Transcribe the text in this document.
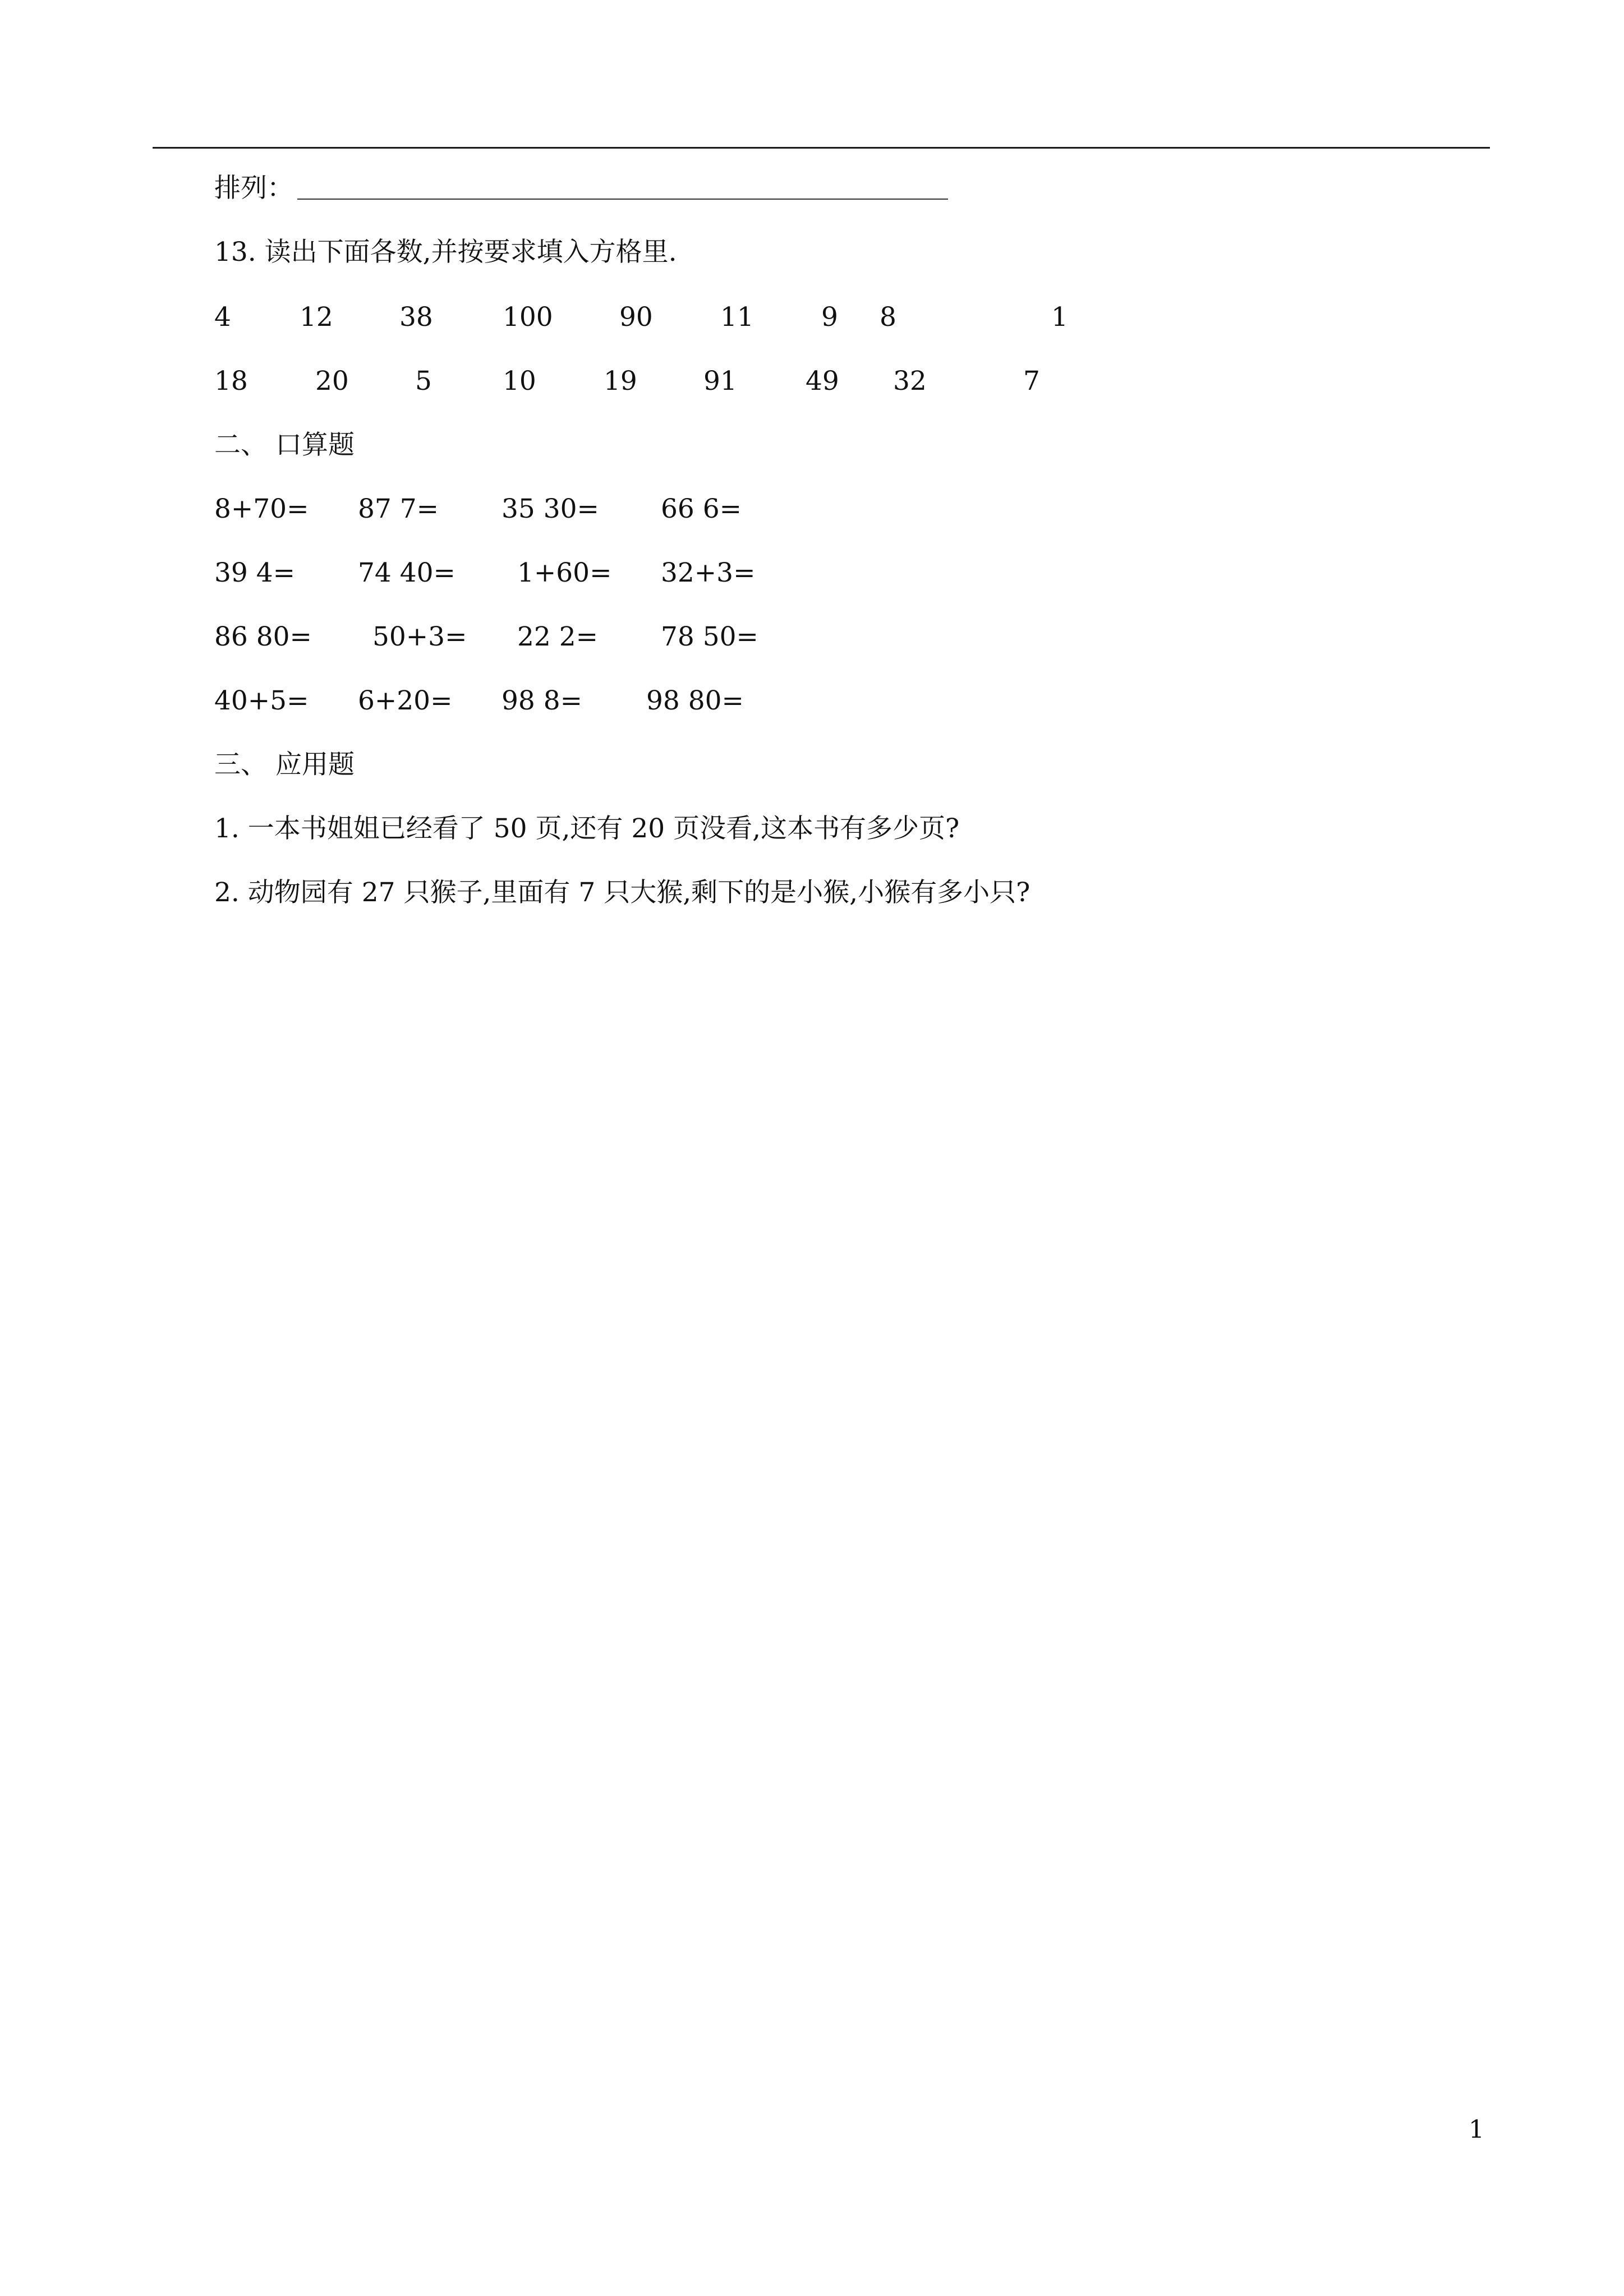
排列：
13. 读出下面各数,并按要求填入方格里.
4	12	38	100	90	11	9 8	1
18	20	5	10	19	91	49 32	7
二、 口算题
8+70= 87 7= 35 30= 66 6=
39 4= 74 40= 1+60= 32+3=
86 80= 50+3= 22 2= 78 50=
40+5= 6+20= 98 8= 98 80=
三、 应用题
1. 一本书姐姐已经看了 50 页,还有 20 页没看,这本书有多少页?
2. 动物园有 27 只猴子,里面有 7 只大猴,剩下的是小猴,小猴有多小只?
1
